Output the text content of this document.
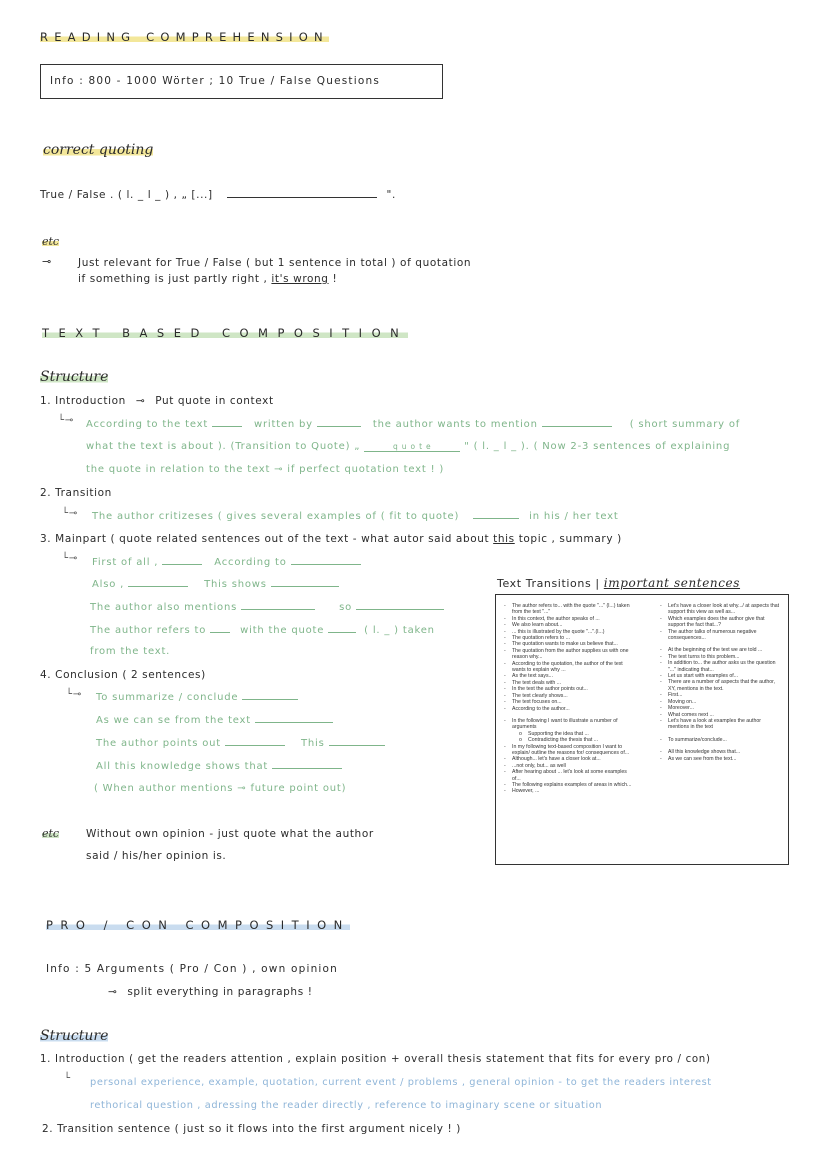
READING COMPREHENSION
Info : 800 - 1000 Wörter ; 10 True / False Questions
correct quoting
True / False . ( l. _ l _ ) , „ [...]	".
etc
⊸	Just relevant for True / False ( but 1 sentence in total ) of quotation
if something is just partly right , it's wrong !
TEXT BASED COMPOSITION
Structure
1. Introduction ⊸ Put quote in context
└⊸ According to the text	written by	the author wants to mention	( short summary of
what the text is about ). (Transition to Quote) „	q u o t e	" ( l. _ l _ ). ( Now 2-3 sentences of explaining
the quote in relation to the text ⊸ if perfect quotation text ! )
2. Transition
└⊸ The author critizeses ( gives several examples of ( fit to quote)	in his / her text
3. Mainpart ( quote related sentences out of the text - what autor said about this topic , summary )
└⊸ First of all ,	According to
Also ,	This shows
The author also mentions	so
The author refers to	with the quote	( l. _ ) taken
from the text.
4. Conclusion ( 2 sentences)
└⊸ To summarize / conclude
As we can se from the text
The author points out	This
All this knowledge shows that
( When author mentions ⊸ future point out)
etc	Without own opinion - just quote what the author
said / his/her opinion is.
Text Transitions | important sentences
- The author refers to... with the quote "..." (l...) taken from the text "..."
- In this context, the author speaks of ...
- We also learn about...
- ... this is illustrated by the quote "...".(l...)
- The quotation refers to ...
- The quotation wants to make us believe that...
- The quotation from the author supplies us with one reason why...
- According to the quotation, the author of the text wants to explain why ...
- As the text says...
- The text deals with ...
- In the text the author points out...
- The text clearly shows...
- The text focuses on...
- According to the author...
- In the following I want to illustrate a number of arguments
o Supporting the idea that ...
o Contradicting the thesis that ...
- In my following text-based composition I want to explain/ outline the reasons for/ consequences of...
- Although... let's have a closer look at...
- ...not only, but... as well
- After hearing about ... let's look at some examples of...
- The following explains examples of areas in which...
- However, ...
- Let's have a closer look at why.../ at aspects that support this view as well as...
- Which examples does the author give that support the fact that...?
- The author talks of numerous negative consequences...
- At the beginning of the text we are told ...
- The text turns to this problem...
- In addition to... the author asks us the question "..." indicating that...
- Let us start with examples of...
- There are a number of aspects that the author, XY, mentions in the text.
- First...
- Moving on...
- Moreover...
- What comes next ...
- Let's have a look at examples the author mentions in the text
- To summarize/conclude...
- All this knowledge shows that...
- As we can see from the text...
PRO / CON COMPOSITION
Info : 5 Arguments ( Pro / Con ) , own opinion
⊸ split everything in paragraphs !
Structure
1. Introduction ( get the readers attention , explain position + overall thesis statement that fits for every pro / con)
└ personal experience, example, quotation, current event / problems , general opinion - to get the readers interest
rethorical question , adressing the reader directly , reference to imaginary scene or situation
2. Transition sentence ( just so it flows into the first argument nicely ! )
